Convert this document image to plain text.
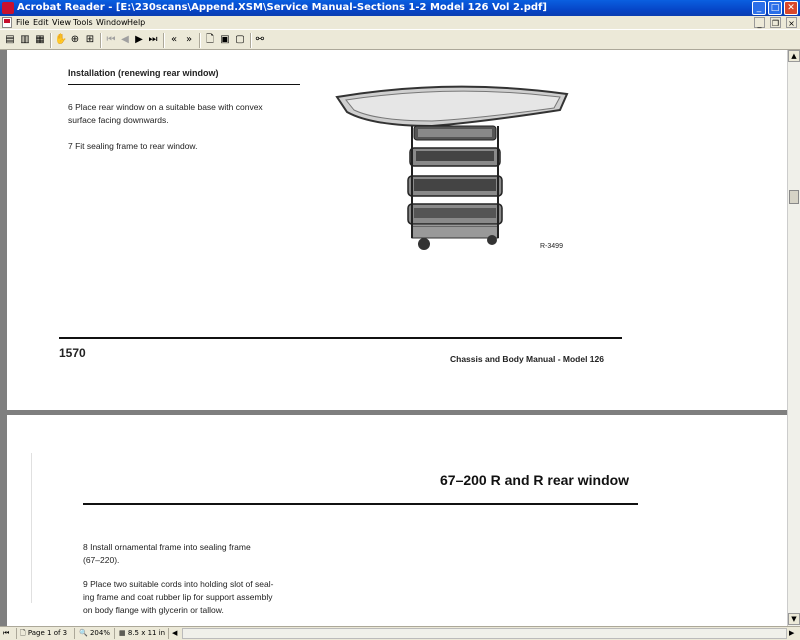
Acrobat Reader - [E:\230scans\Append.XSM\Service Manual-Sections 1-2 Model 126 Vol 2.pdf]	_	□ ✕
File Edit View Tools Window Help	_	❐ ×
▤ ▥ ▦ ✋ ⊕ ⊞ ⏮ ◀ ▶ ⏭	« »	🗋 ▣ ▢ ⚯
Installation (renewing rear window)
6 Place rear window on a suitable base with convex
surface facing downwards.
7 Fit sealing frame to rear window.
R-3499
1570	Chassis and Body Manual - Model 126
67–200 R and R rear window
8 Install ornamental frame into sealing frame
(67–220).
9 Place two suitable cords into holding slot of seal-
ing frame and coat rubber lip for support assembly
on body flange with glycerin or tallow.
▲
▼
⏮ 🗋 Page 1 of 3 🔍 204% ▦ 8.5 x 11 in ◀	▶
